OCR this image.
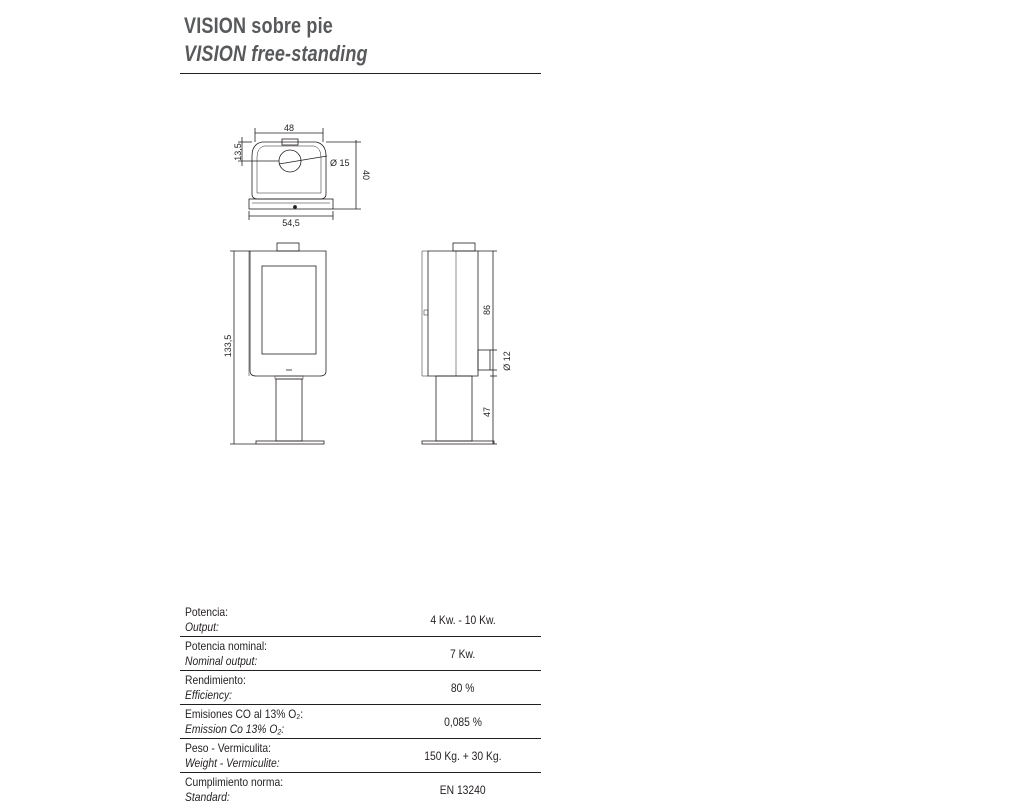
VISION sobre pie
VISION free-standing
48
54,5
Ø 15
40
13,5
133,5
86
Ø 12
47
Potencia:
Output:	4 Kw. - 10 Kw.

Potencia nominal:
Nominal output:	7 Kw.

Rendimiento:
Efficiency:	80 %

Emisiones CO al 13% O₂:
Emission Co 13% O₂:	0,085 %

Peso - Vermiculita:
Weight - Vermiculite:	150 Kg. + 30 Kg.

Cumplimiento norma:
Standard:	EN 13240
